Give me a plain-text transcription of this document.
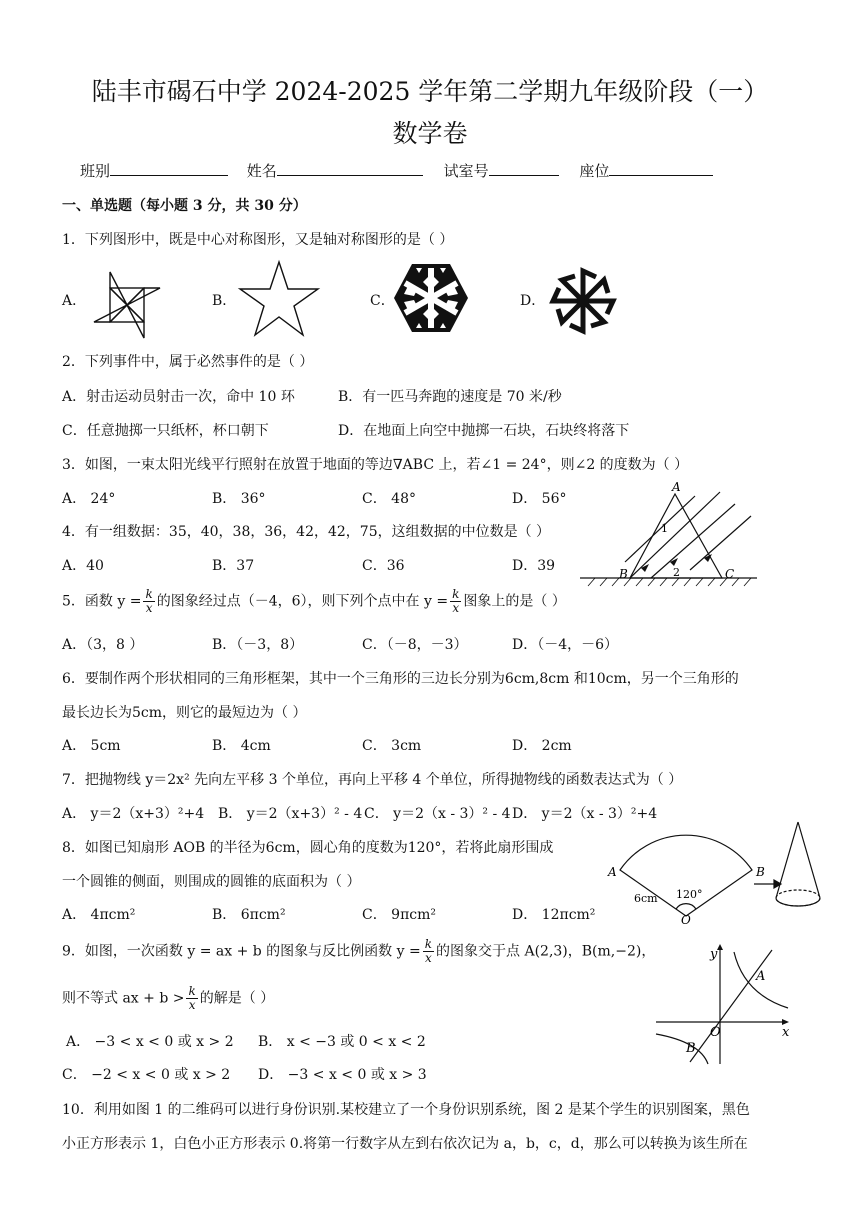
陆丰市碣石中学 2024-2025 学年第二学期九年级阶段（一）
数学卷
班别	姓名	试室号	座位
一、单选题（每小题 3 分，共 30 分）
1．下列图形中，既是中心对称图形，又是轴对称图形的是（ ）
A．	B．	C．	D．
2．下列事件中，属于必然事件的是（ ）
A．射击运动员射击一次，命中 10 环	B．有一匹马奔跑的速度是 70 米/秒
C．任意抛掷一只纸杯，杯口朝下	D．在地面上向空中抛掷一石块，石块终将落下
3．如图，一束太阳光线平行照射在放置于地面的等边∇ABC 上，若∠1 = 24°，则∠2 的度数为（ ）
A． 24°	B． 36°	C． 48°	D． 56°
A
B	C
1
2
4．有一组数据：35，40，38，36，42，42，75，这组数据的中位数是（ ）
A．40	B．37	C．36	D．39
5．函数 $y = \frac{k}{x}$ 的图象经过点（－4，6），则下列个点中在 $y = \frac{k}{x}$ 图象上的是（ ）
A．（3，8 ）	B．（－3，8）	C．（－8，－3）	D．（－4，－6）
6．要制作两个形状相同的三角形框架，其中一个三角形的三边长分别为6cm,8cm 和10cm，另一个三角形的
最长边长为5cm，则它的最短边为（ ）
A． 5cm	B． 4cm	C． 3cm	D． 2cm
7．把抛物线 y＝2x² 先向左平移 3 个单位，再向上平移 4 个单位，所得抛物线的函数表达式为（ ）
A． y＝2（x+3）²+4 B． y＝2（x+3）² - 4 C． y＝2（x - 3）² - 4 D． y＝2（x - 3）²+4
8．如图已知扇形 AOB 的半径为6cm，圆心角的度数为120°，若将此扇形围成
一个圆锥的侧面，则围成的圆锥的底面积为（ ）
A． 4πcm²	B． 6πcm²	C． 9πcm²	D． 12πcm²
A	B
O
6cm 120°
9．如图，一次函数 y = ax + b 的图象与反比例函数 $y = \frac{k}{x}$ 的图象交于点 A(2,3)，B(m,−2)，
则不等式 ax + $b > \frac{k}{x}$ 的解是（ ）
A． −3 < x < 0 或 x > 2 B． x < −3 或 0 < x < 2
C． −2 < x < 0 或 x > 2 D． −3 < x < 0 或 x > 3
y
x
O
A
B
10．利用如图 1 的二维码可以进行身份识别.某校建立了一个身份识别系统，图 2 是某个学生的识别图案，黑色
小正方形表示 1，白色小正方形表示 0.将第一行数字从左到右依次记为 a，b，c，d，那么可以转换为该生所在
